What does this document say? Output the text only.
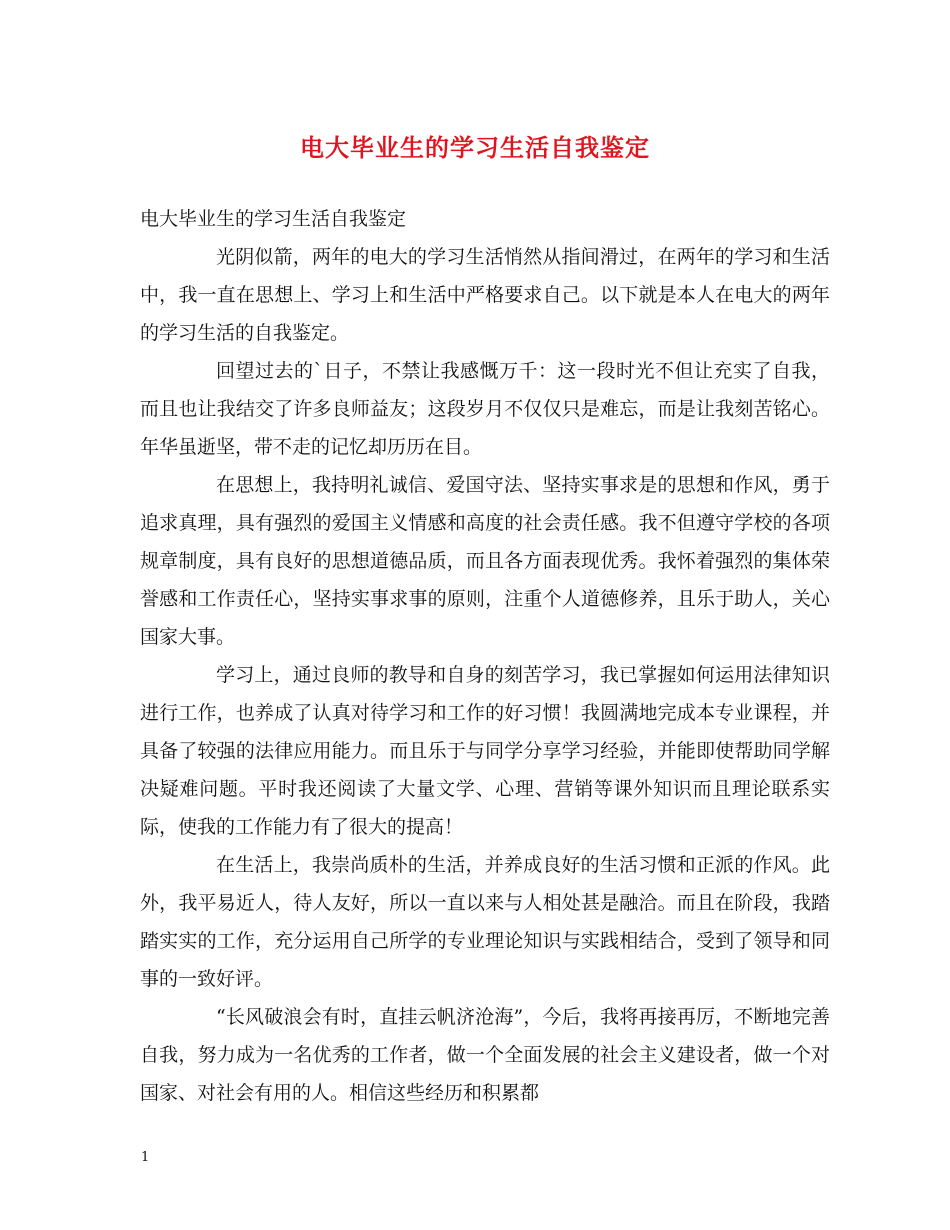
电大毕业生的学习生活自我鉴定

电大毕业生的学习生活自我鉴定

光阴似箭，两年的电大的学习生活悄然从指间滑过，在两年的学习和生活中，我一直在思想上、学习上和生活中严格要求自己。以下就是本人在电大的两年的学习生活的自我鉴定。

回望过去的`日子，不禁让我感慨万千：这一段时光不但让充实了自我，而且也让我结交了许多良师益友；这段岁月不仅仅只是难忘，而是让我刻苦铭心。年华虽逝坚，带不走的记忆却历历在目。

在思想上，我持明礼诚信、爱国守法、坚持实事求是的思想和作风，勇于追求真理，具有强烈的爱国主义情感和高度的社会责任感。我不但遵守学校的各项规章制度，具有良好的思想道德品质，而且各方面表现优秀。我怀着强烈的集体荣誉感和工作责任心，坚持实事求事的原则，注重个人道德修养，且乐于助人，关心国家大事。

学习上，通过良师的教导和自身的刻苦学习，我已掌握如何运用法律知识进行工作，也养成了认真对待学习和工作的好习惯！我圆满地完成本专业课程，并具备了较强的法律应用能力。而且乐于与同学分享学习经验，并能即使帮助同学解决疑难问题。平时我还阅读了大量文学、心理、营销等课外知识而且理论联系实际，使我的工作能力有了很大的提高！

在生活上，我崇尚质朴的生活，并养成良好的生活习惯和正派的作风。此外，我平易近人，待人友好，所以一直以来与人相处甚是融洽。而且在阶段，我踏踏实实的工作，充分运用自己所学的专业理论知识与实践相结合，受到了领导和同事的一致好评。

“长风破浪会有时，直挂云帆济沧海”，今后，我将再接再厉，不断地完善自我，努力成为一名优秀的工作者，做一个全面发展的社会主义建设者，做一个对国家、对社会有用的人。相信这些经历和积累都

1
